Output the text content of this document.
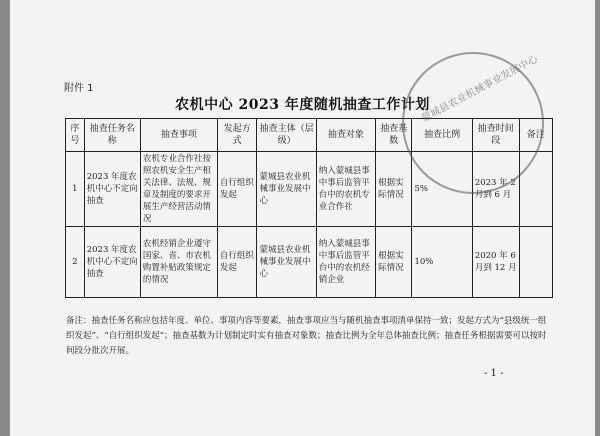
附件 1
农机中心 2023 年度随机抽查工作计划
序号	抽查任务名称	抽查事项	发起方式	抽查主体（层级）	抽查对象	抽查基数	抽查比例	抽查时间段	备注
1	2023 年度农机中心不定向抽查	农机专业合作社按照农机安全生产相关法律、法规、规章及制度的要求开展生产经营活动情况	自行组织发起	蒙城县农业机械事业发展中心	纳入蒙城县事中事后监管平台中的农机专业合作社	根据实际情况	5%	2023 年 2 月到 6 月	
2	2023 年度农机中心不定向抽查	农机经销企业遵守国家、省、市农机购置补贴政策规定的情况	自行组织发起	蒙城县农业机械事业发展中心	纳入蒙城县事中事后监管平台中的农机经销企业	根据实际情况	10%	2020 年 6 月到 12 月	
备注：抽查任务名称应包括年度、单位、事项内容等要素，抽查事项应当与随机抽查事项清单保持一致；发起方式为“县级统一组织发起”、“自行组织发起”；抽查基数为计划制定时实有抽查对象数；抽查比例为全年总体抽查比例；抽查任务根据需要可以按时间段分批次开展。
- 1 -
蒙城县农业机械事业发展中心
